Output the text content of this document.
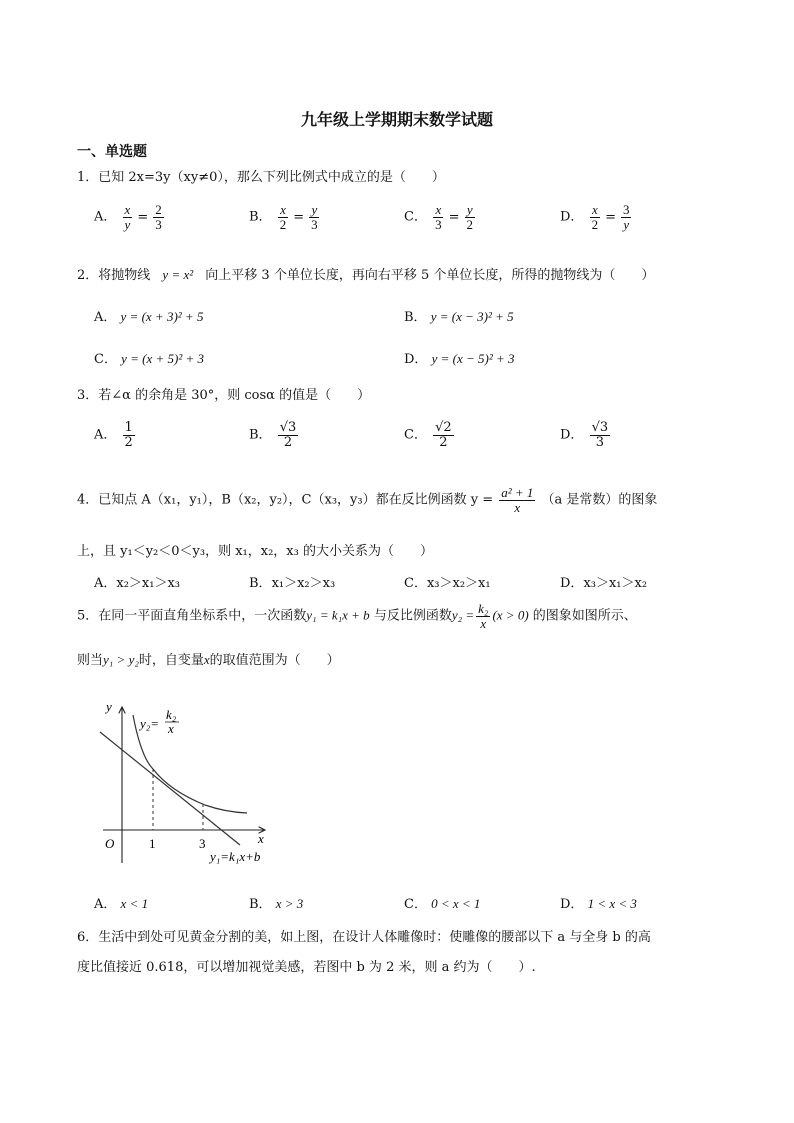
九年级上学期期末数学试题
一、单选题
1．已知 2x=3y（xy≠0），那么下列比例式中成立的是（　　）
A． $\frac{x}{y} = \frac{2}{3}$	B． $\frac{x}{2} = \frac{y}{3}$	C． $\frac{x}{3} = \frac{y}{2}$	D． $\frac{x}{2} = \frac{3}{y}$
2．将抛物线 y = x² 向上平移 3 个单位长度，再向右平移 5 个单位长度，所得的抛物线为（　　）
A． y = (x + 3)² + 5	B． y = (x − 3)² + 5
C． y = (x + 5)² + 3	D． y = (x − 5)² + 3
3．若∠α 的余角是 30°，则 cosα 的值是（　　）
A． $\frac{1}{2}$	B． $\frac{√3}{2}$	C． $\frac{√2}{2}$	D． $\frac{√3}{3}$
4．已知点 A（x₁，y₁），B（x₂，y₂），C（x₃，y₃）都在反比例函数 $y = \frac{\text{a² + 1}}{x} (a$ 是常数）的图象
上，且 y₁＜y₂＜0＜y₃，则 x₁，x₂，x₃ 的大小关系为（　　）
A．x₂＞x₁＞x₃	B．x₁＞x₂＞x₃	C．x₃＞x₂＞x₁	D．x₃＞x₁＞x₂
5．在同一平面直角坐标系中，一次函数y₁ = k₁x + b 与反比例函数$y_2 = \frac{\text{k₂}}{x} (x > 0)$ 的图象如图所示、
则当y₁ > y₂时，自变量x的取值范围为（　　）
y
x
O	1	3
y₂=
k₂
x
y₁=k₁x+b
A． x < 1	B． x > 3	C． 0 < x < 1	D． 1 < x < 3
6．生活中到处可见黄金分割的美，如上图，在设计人体雕像时：使雕像的腰部以下 a 与全身 b 的高
度比值接近 0.618，可以增加视觉美感，若图中 b 为 2 米，则 a 约为（　　）.
